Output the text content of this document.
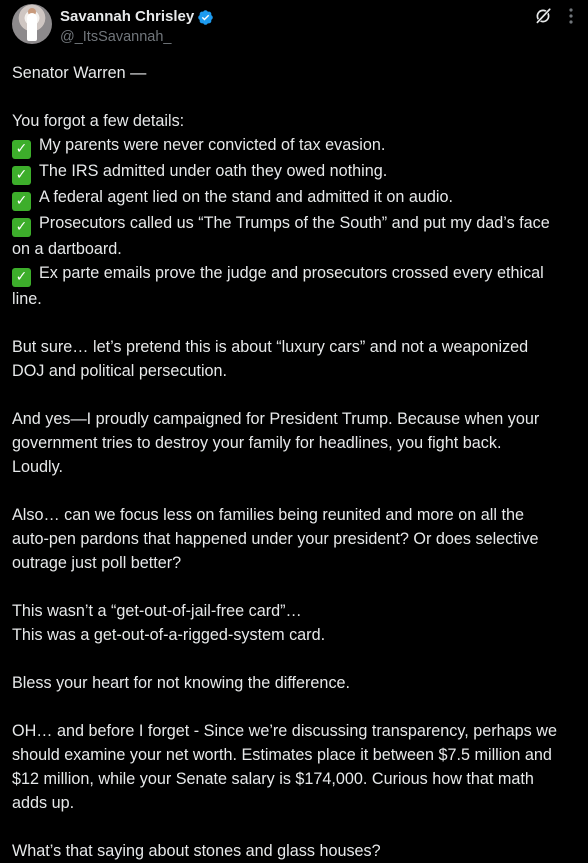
Savannah Chrisley
@_ItsSavannah_
Senator Warren —
You forgot a few details:
✓ My parents were never convicted of tax evasion.
✓ The IRS admitted under oath they owed nothing.
✓ A federal agent lied on the stand and admitted it on audio.
✓ Prosecutors called us “The Trumps of the South” and put my dad’s face
on a dartboard.
✓ Ex parte emails prove the judge and prosecutors crossed every ethical
line.
But sure… let’s pretend this is about “luxury cars” and not a weaponized
DOJ and political persecution.
And yes—I proudly campaigned for President Trump. Because when your
government tries to destroy your family for headlines, you fight back.
Loudly.
Also… can we focus less on families being reunited and more on all the
auto-pen pardons that happened under your president? Or does selective
outrage just poll better?
This wasn’t a “get-out-of-jail-free card”…
This was a get-out-of-a-rigged-system card.
Bless your heart for not knowing the difference.
OH… and before I forget - Since we’re discussing transparency, perhaps we
should examine your net worth. Estimates place it between $7.5 million and
$12 million, while your Senate salary is $174,000. Curious how that math
adds up.
What’s that saying about stones and glass houses?
